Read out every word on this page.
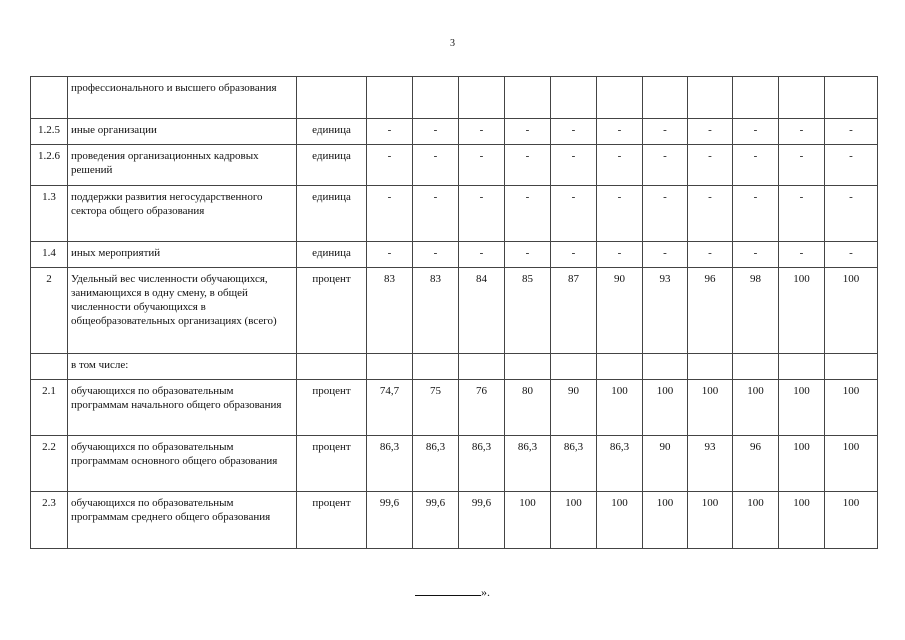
3
	профессионального и высшего образования												
1.2.5	иные организации	единица	-	-	-	-	-	-	-	-	-	-	-
1.2.6	проведения организационных кадровых решений	единица	-	-	-	-	-	-	-	-	-	-	-
1.3	поддержки развития негосударственного сектора общего образования	единица	-	-	-	-	-	-	-	-	-	-	-
1.4	иных мероприятий	единица	-	-	-	-	-	-	-	-	-	-	-
2	Удельный вес численности обучающихся, занимающихся в одну смену, в общей численности обучающихся в общеобразовательных организациях (всего)	процент	83	83	84	85	87	90	93	96	98	100	100
	в том числе:												
2.1	обучающихся по образовательным программам начального общего образования	процент	74,7	75	76	80	90	100	100	100	100	100	100
2.2	обучающихся по образовательным программам основного общего образования	процент	86,3	86,3	86,3	86,3	86,3	86,3	90	93	96	100	100
2.3	обучающихся по образовательным программам среднего общего образования	процент	99,6	99,6	99,6	100	100	100	100	100	100	100	100
».
